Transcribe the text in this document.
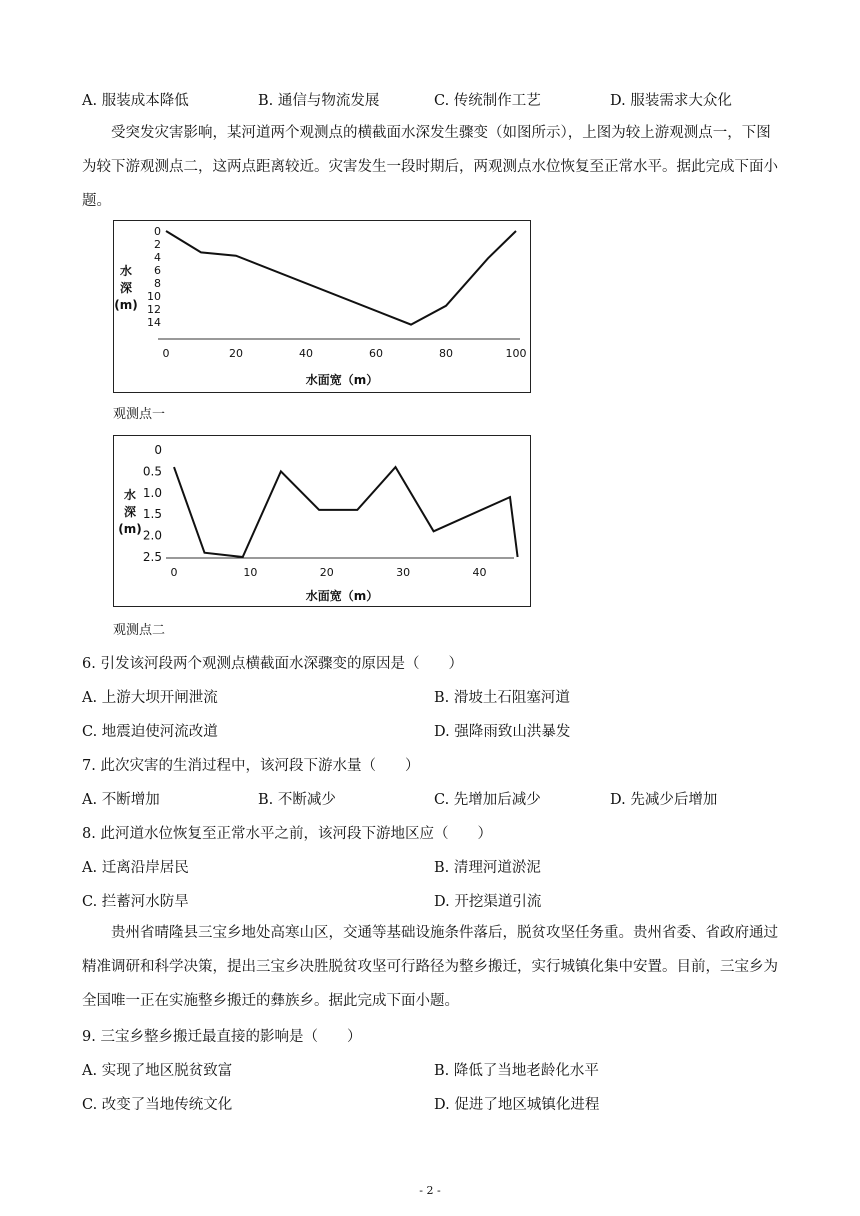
A. 服装成本降低	B. 通信与物流发展	C. 传统制作工艺	D. 服装需求大众化
受突发灾害影响，某河道两个观测点的横截面水深发生骤变（如图所示），上图为较上游观测点一，下图为较下游观测点二，这两点距离较近。灾害发生一段时期后，两观测点水位恢复至正常水平。据此完成下面小题。
0
2
4
6
8
10
12
14
0	20	40	60	80	100
水
深
(m)
水面宽（m）
观测点一
0
0.5
1.0
1.5
2.0
2.5
0	10	20	30	40
水
深
(m)
水面宽（m）
观测点二
6. 引发该河段两个观测点横截面水深骤变的原因是（　　）
A. 上游大坝开闸泄流	B. 滑坡土石阻塞河道
C. 地震迫使河流改道	D. 强降雨致山洪暴发
7. 此次灾害的生消过程中，该河段下游水量（　　）
A. 不断增加	B. 不断减少	C. 先增加后减少	D. 先减少后增加
8. 此河道水位恢复至正常水平之前，该河段下游地区应（　　）
A. 迁离沿岸居民	B. 清理河道淤泥
C. 拦蓄河水防旱	D. 开挖渠道引流
贵州省晴隆县三宝乡地处高寒山区，交通等基础设施条件落后，脱贫攻坚任务重。贵州省委、省政府通过精准调研和科学决策，提出三宝乡决胜脱贫攻坚可行路径为整乡搬迁，实行城镇化集中安置。目前，三宝乡为全国唯一正在实施整乡搬迁的彝族乡。据此完成下面小题。
9. 三宝乡整乡搬迁最直接的影响是（　　）
A. 实现了地区脱贫致富	B. 降低了当地老龄化水平
C. 改变了当地传统文化	D. 促进了地区城镇化进程
- 2 -
